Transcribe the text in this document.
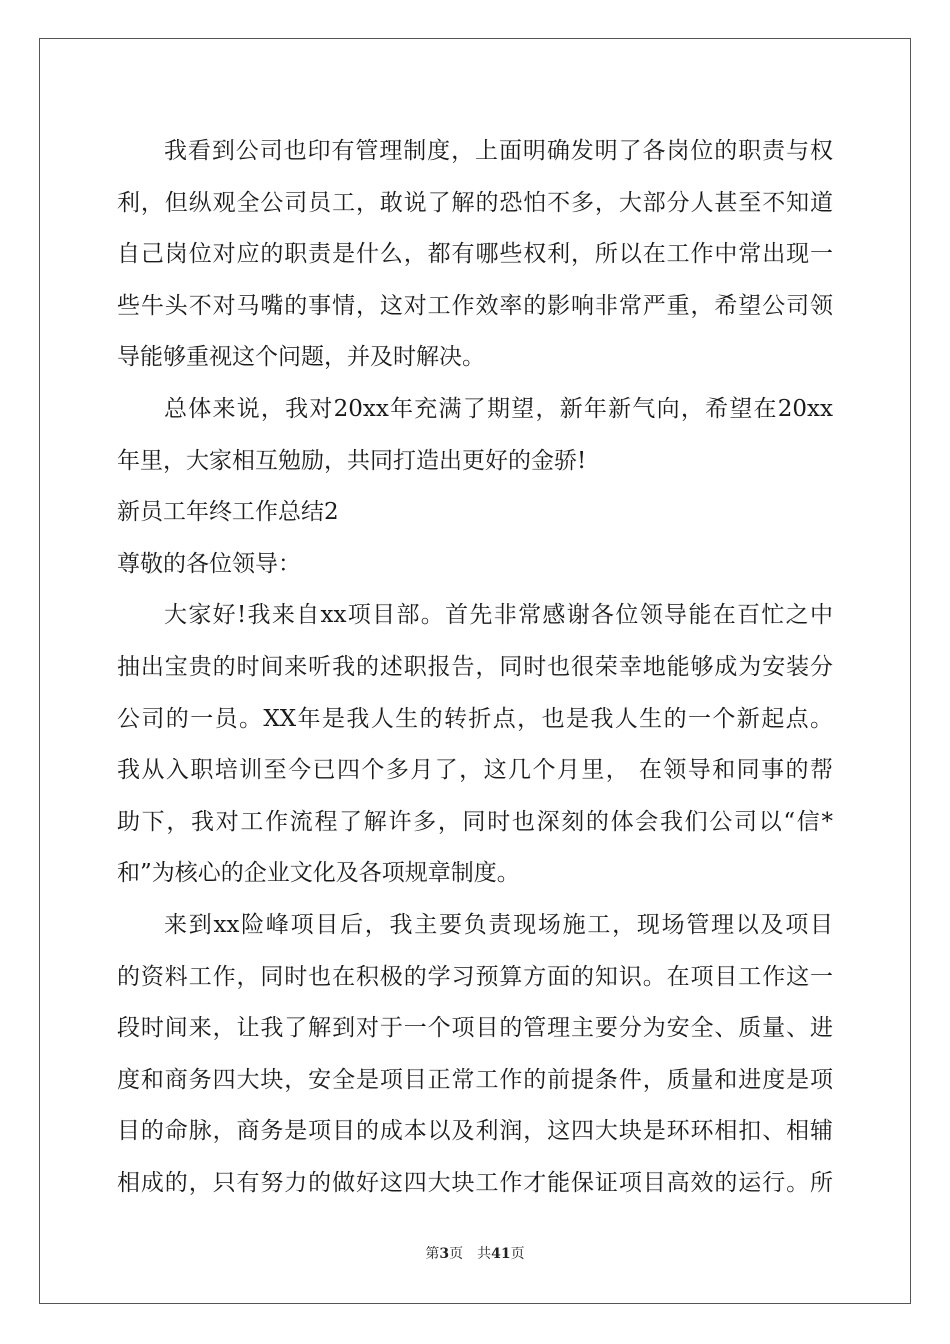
我看到公司也印有管理制度，上面明确发明了各岗位的职责与权
利，但纵观全公司员工，敢说了解的恐怕不多，大部分人甚至不知道
自己岗位对应的职责是什么，都有哪些权利，所以在工作中常出现一
些牛头不对马嘴的事情，这对工作效率的影响非常严重，希望公司领
导能够重视这个问题，并及时解决。
总体来说，我对20xx年充满了期望，新年新气向，希望在20xx
年里，大家相互勉励，共同打造出更好的金骄!
新员工年终工作总结2
尊敬的各位领导：
大家好!我来自xx项目部。首先非常感谢各位领导能在百忙之中
抽出宝贵的时间来听我的述职报告，同时也很荣幸地能够成为安装分
公司的一员。XX年是我人生的转折点，也是我人生的一个新起点。
我从入职培训至今已四个多月了，这几个月里， 在领导和同事的帮
助下，我对工作流程了解许多，同时也深刻的体会我们公司以“信*
和”为核心的企业文化及各项规章制度。
来到xx险峰项目后，我主要负责现场施工，现场管理以及项目
的资料工作，同时也在积极的学习预算方面的知识。在项目工作这一
段时间来，让我了解到对于一个项目的管理主要分为安全、质量、进
度和商务四大块，安全是项目正常工作的前提条件，质量和进度是项
目的命脉，商务是项目的成本以及利润，这四大块是环环相扣、相辅
相成的，只有努力的做好这四大块工作才能保证项目高效的运行。所
第3页 共41页
